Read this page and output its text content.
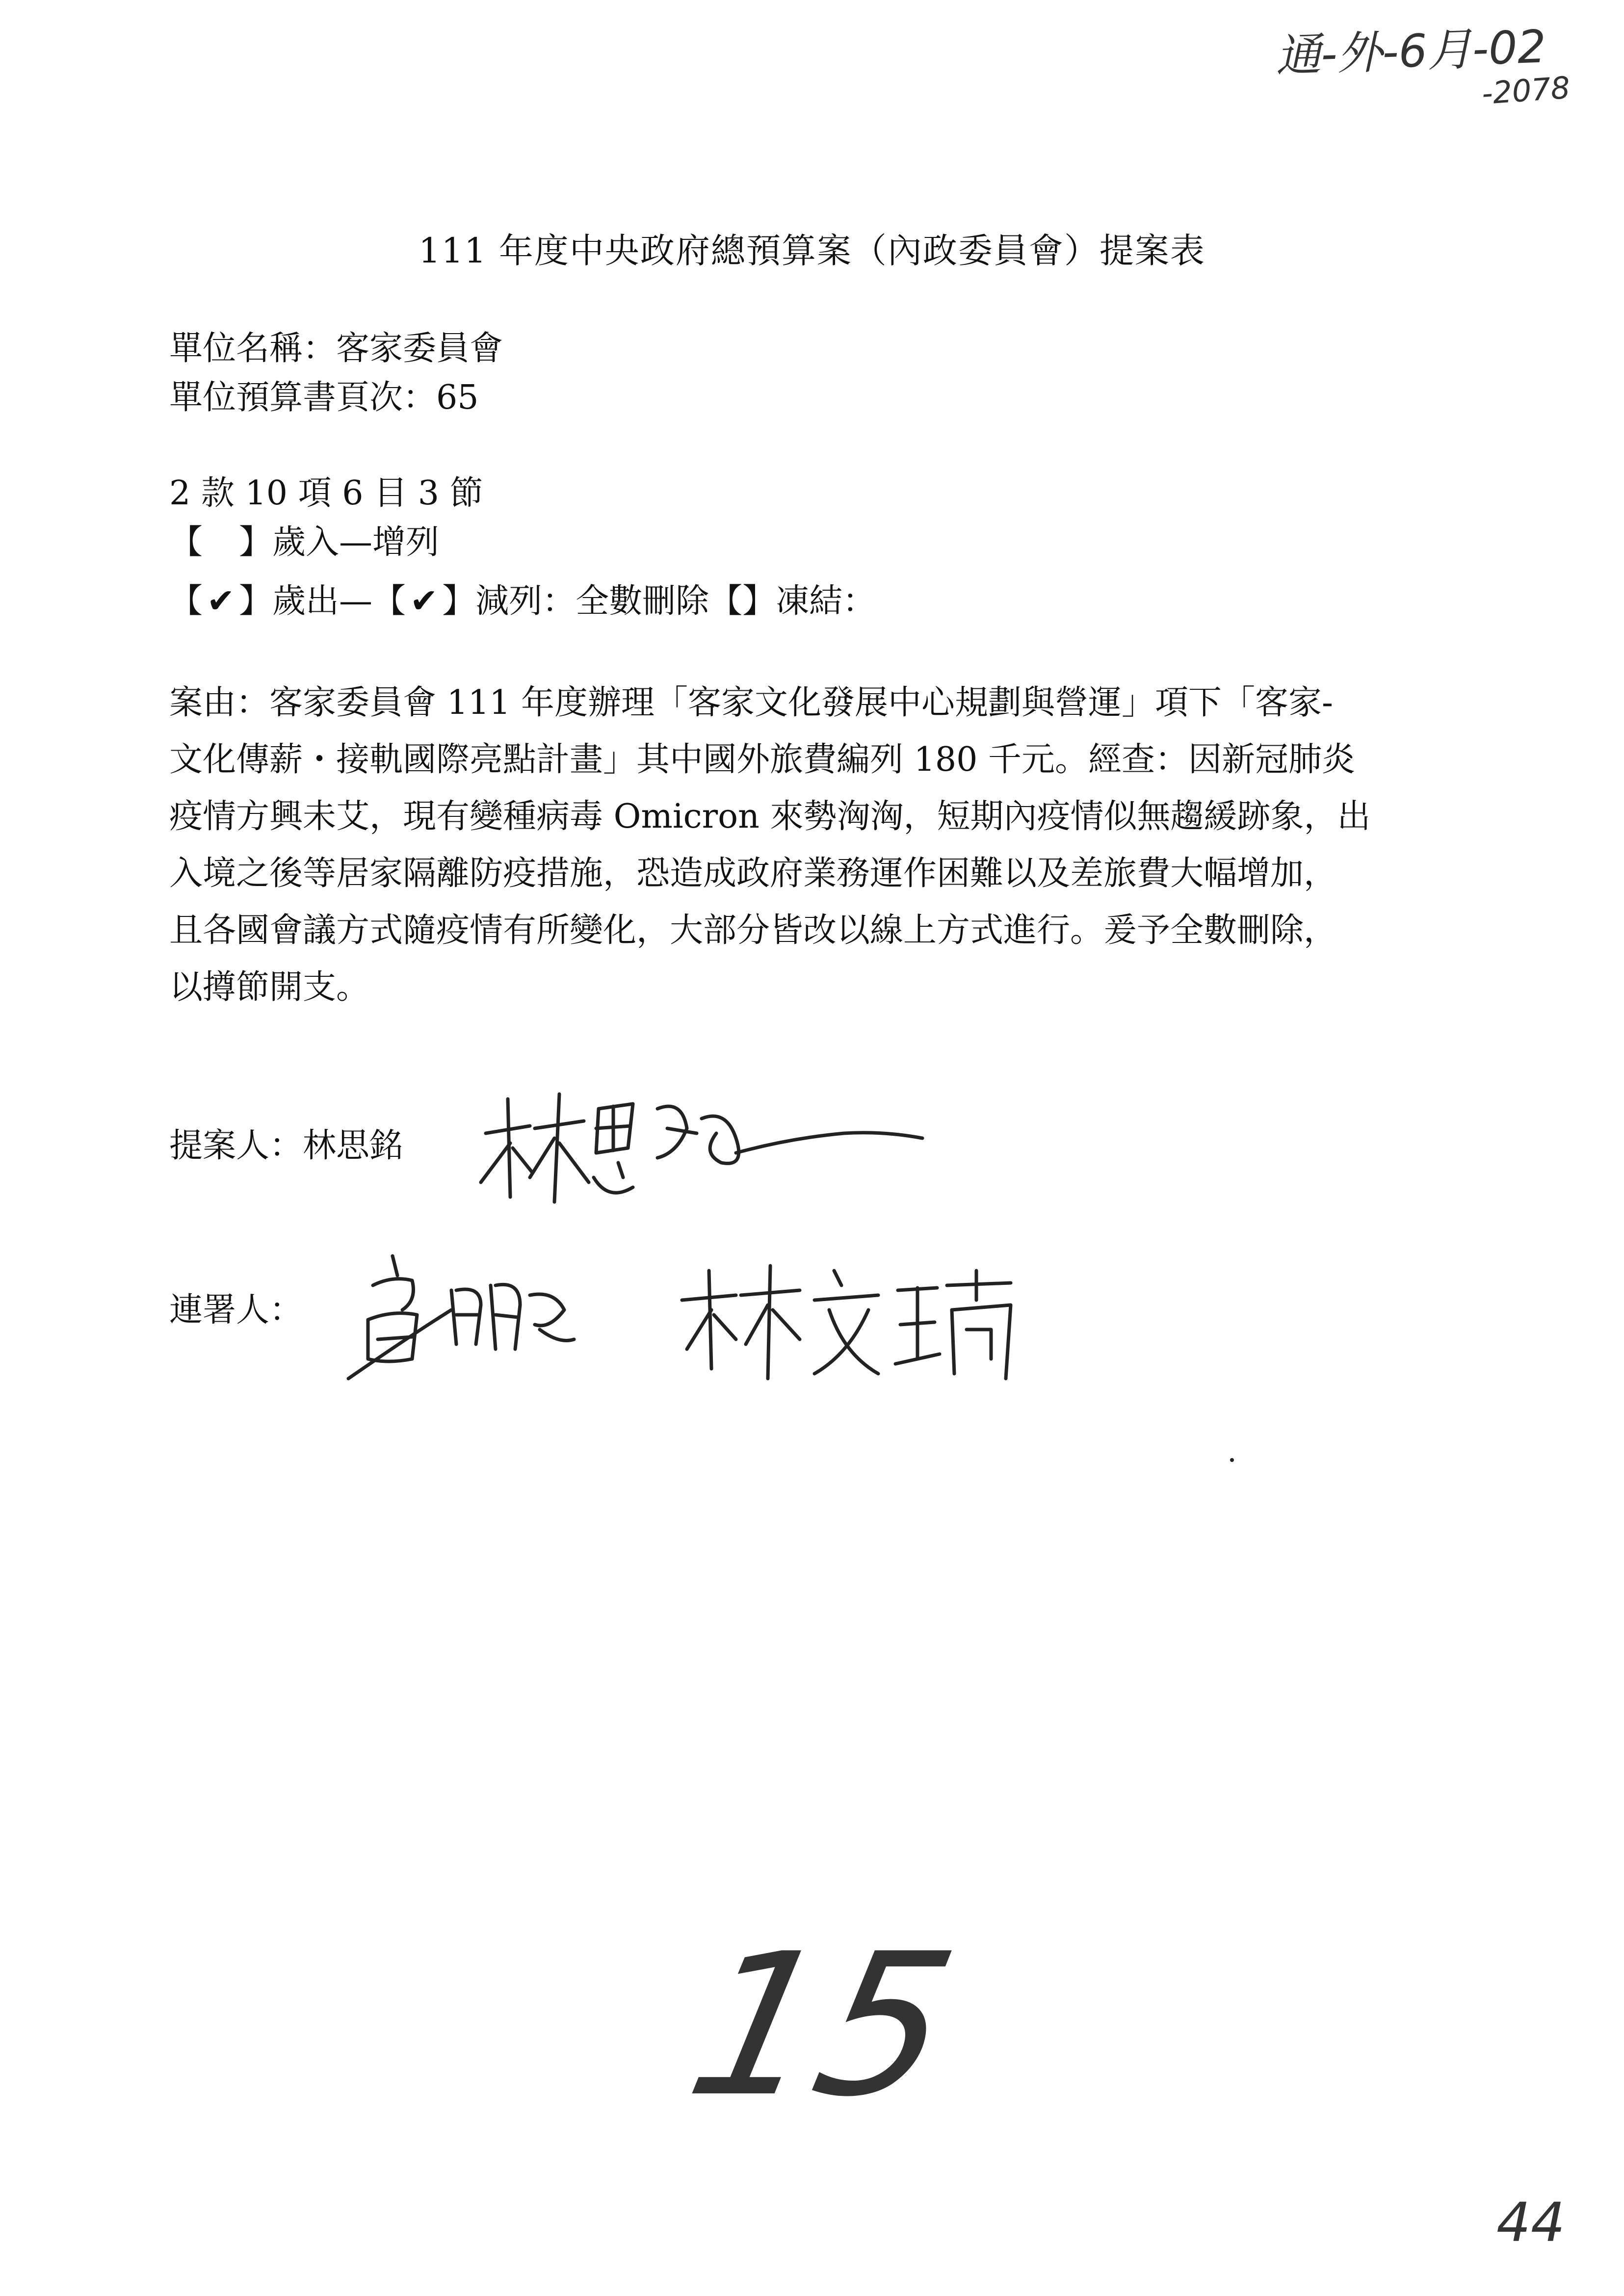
通-外-6月-02
-2078
111 年度中央政府總預算案（內政委員會）提案表
單位名稱：客家委員會
單位預算書頁次：65
2 款 10 項 6 目 3 節
【 】歲入—增列
【 ✔ 】歲出—【 ✔ 】減列：全數刪除【】凍結：
案由：客家委員會 111 年度辦理「客家文化發展中心規劃與營運」項下「客家-
文化傳薪・接軌國際亮點計畫」其中國外旅費編列 180 千元。經查：因新冠肺炎
疫情方興未艾，現有變種病毒 Omicron 來勢洶洶，短期內疫情似無趨緩跡象，出
入境之後等居家隔離防疫措施，恐造成政府業務運作困難以及差旅費大幅增加，
且各國會議方式隨疫情有所變化，大部分皆改以線上方式進行。爰予全數刪除，
以撙節開支。
提案人：林思銘
連署人：
15
44
